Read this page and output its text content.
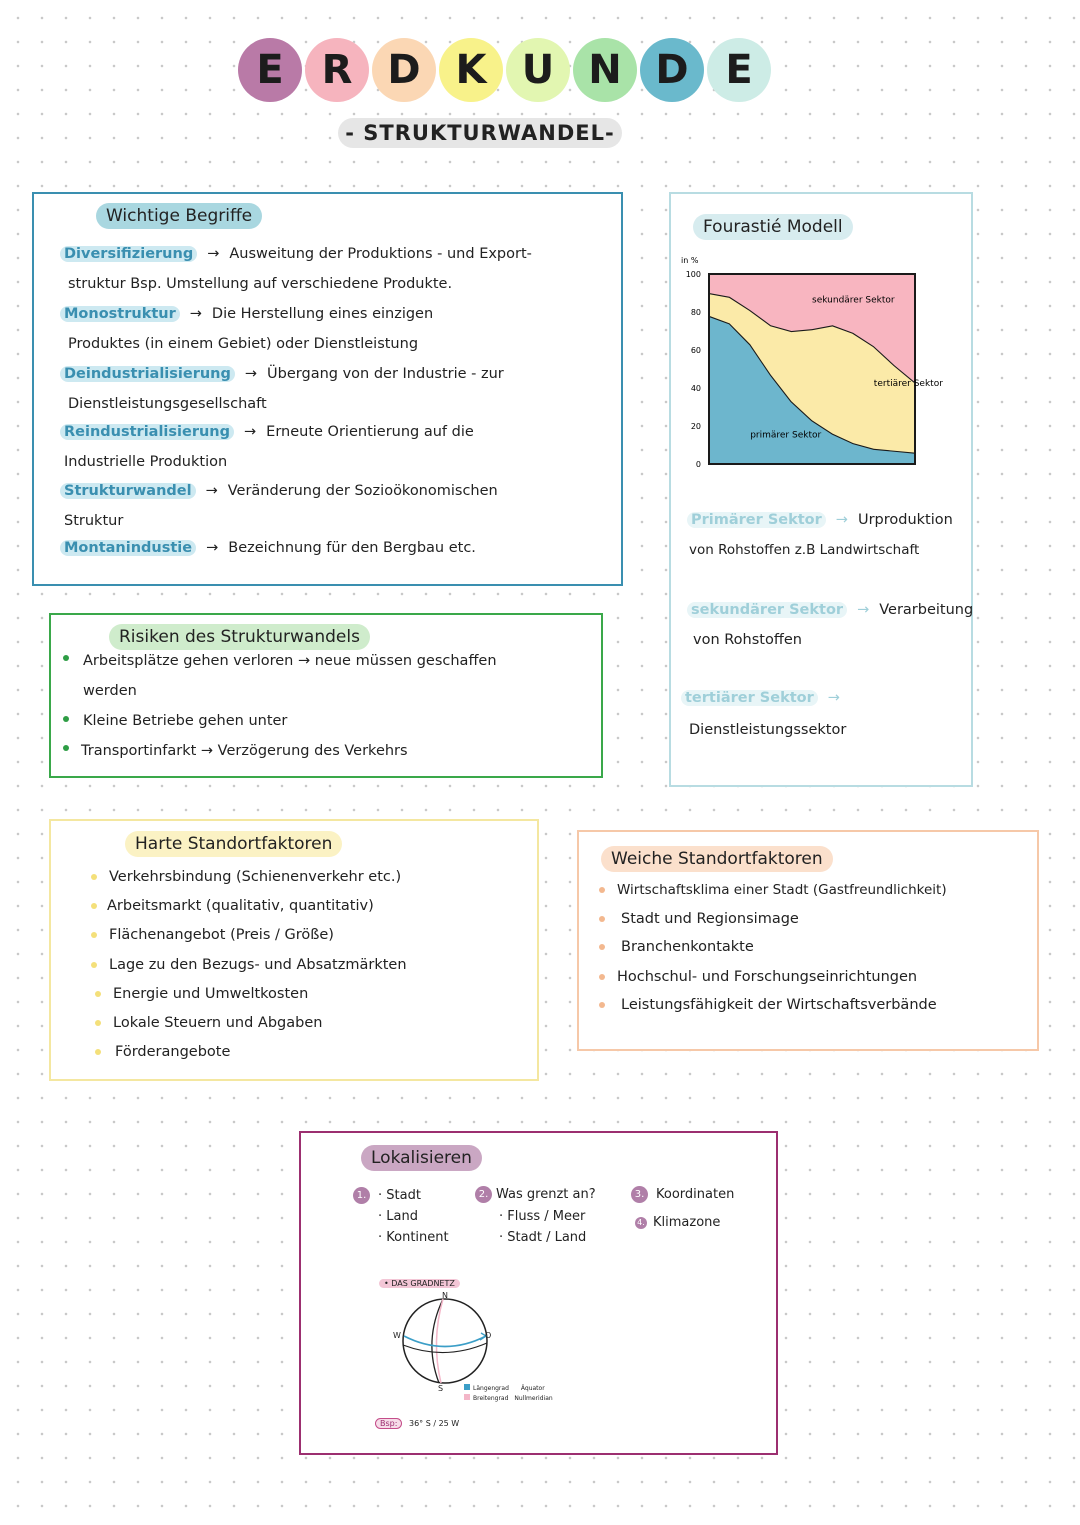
E R D K U N D E
- STRUKTURWANDEL-
Wichtige Begriffe
Diversifizierung → Ausweitung der Produktions - und Export-
struktur Bsp. Umstellung auf verschiedene Produkte.
Monostruktur → Die Herstellung eines einzigen
Produktes (in einem Gebiet) oder Dienstleistung
Deindustrialisierung → Übergang von der Industrie - zur
Dienstleistungsgesellschaft
Reindustrialisierung → Erneute Orientierung auf die
Industrielle Produktion
Strukturwandel → Veränderung der Sozioökonomischen
Struktur
Montanindustie → Bezeichnung für den Bergbau etc.
Fourastié Modell
0
20
40
60
80
100
in %
primärer Sektor
tertiärer Sektor
sekundärer Sektor
Primärer Sektor → Urproduktion
von Rohstoffen z.B Landwirtschaft
sekundärer Sektor → Verarbeitung
von Rohstoffen
tertiärer Sektor →
Dienstleistungssektor
Risiken des Strukturwandels
Arbeitsplätze gehen verloren → neue müssen geschaffen
werden
Kleine Betriebe gehen unter
Transportinfarkt → Verzögerung des Verkehrs
Harte Standortfaktoren
Verkehrsbindung (Schienenverkehr etc.)
Arbeitsmarkt (qualitativ, quantitativ)
Flächenangebot (Preis / Größe)
Lage zu den Bezugs- und Absatzmärkten
Energie und Umweltkosten
Lokale Steuern und Abgaben
Förderangebote
Weiche Standortfaktoren
Wirtschaftsklima einer Stadt (Gastfreundlichkeit)
Stadt und Regionsimage
Branchenkontakte
Hochschul- und Forschungseinrichtungen
Leistungsfähigkeit der Wirtschaftsverbände
Lokalisieren
1. · Stadt
· Land
· Kontinent
2. Was grenzt an?
· Fluss / Meer
· Stadt / Land
3. Koordinaten
4. Klimazone
• DAS GRADNETZ
N
S
W	O
Längengrad Äquator
Breitengrad Nullmeridian
Bsp: 36° S / 25 W
